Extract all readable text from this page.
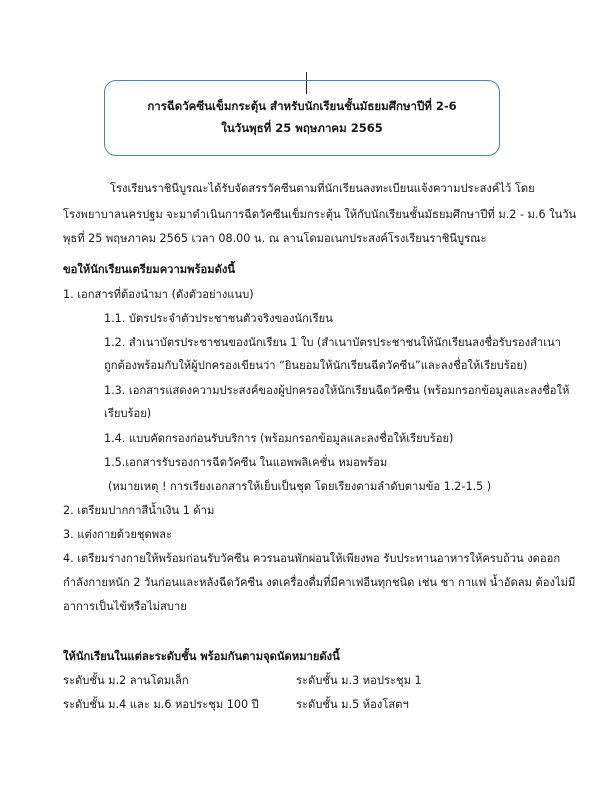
การฉีดวัคซีนเข็มกระตุ้น สำหรับนักเรียนชั้นมัธยมศึกษาปีที่ 2-6
ในวันพุธที่ 25 พฤษภาคม 2565
โรงเรียนราชินีบูรณะได้รับจัดสรรวัคซีนตามที่นักเรียนลงทะเบียนแจ้งความประสงค์ไว้ โดย
โรงพยาบาลนครปฐม จะมาดำเนินการฉีดวัคซีนเข็มกระตุ้น ให้กับนักเรียนชั้นมัธยมศึกษาปีที่ ม.2 - ม.6 ในวัน
พุธที่ 25 พฤษภาคม 2565 เวลา 08.00 น. ณ ลานโดมอเนกประสงค์โรงเรียนราชินีบูรณะ
ขอให้นักเรียนเตรียมความพร้อมดังนี้
1. เอกสารที่ต้องนำมา (ดังตัวอย่างแนบ)
1.1. บัตรประจำตัวประชาชนตัวจริงของนักเรียน
1.2. สำเนาบัตรประชาชนของนักเรียน 1 ใบ (สำเนาบัตรประชาชนให้นักเรียนลงชื่อรับรองสำเนา
ถูกต้องพร้อมกับให้ผู้ปกครองเขียนว่า “ยินยอมให้นักเรียนฉีดวัคซีน”และลงชื่อให้เรียบร้อย)
1.3. เอกสารแสดงความประสงค์ของผู้ปกครองให้นักเรียนฉีดวัคซีน (พร้อมกรอกข้อมูลและลงชื่อให้
เรียบร้อย)
1.4. แบบคัดกรองก่อนรับบริการ (พร้อมกรอกข้อมูลและลงชื่อให้เรียบร้อย)
1.5.เอกสารรับรองการฉีดวัคซีน ในแอพพลิเคชั่น หมอพร้อม
(หมายเหตุ ! การเรียงเอกสารให้เย็บเป็นชุด โดยเรียงตามลำดับตามข้อ 1.2-1.5 )
2. เตรียมปากกาสีน้ำเงิน 1 ด้าม
3. แต่งกายด้วยชุดพละ
4. เตรียมร่างกายให้พร้อมก่อนรับวัคซีน ควรนอนพักผ่อนให้เพียงพอ รับประทานอาหารให้ครบถ้วน งดออก
กำลังกายหนัก 2 วันก่อนและหลังฉีดวัคซีน งดเครื่องดื่มที่มีคาเฟอีนทุกชนิด เช่น ชา กาแฟ น้ำอัดลม ต้องไม่มี
อาการเป็นไข้หรือไม่สบาย
ให้นักเรียนในแต่ละระดับชั้น พร้อมกันตามจุดนัดหมายดังนี้
ระดับชั้น ม.2 ลานโดมเล็ก	ระดับชั้น ม.3 หอประชุม 1
ระดับชั้น ม.4 และ ม.6 หอประชุม 100 ปี	ระดับชั้น ม.5 ห้องโสตฯ
